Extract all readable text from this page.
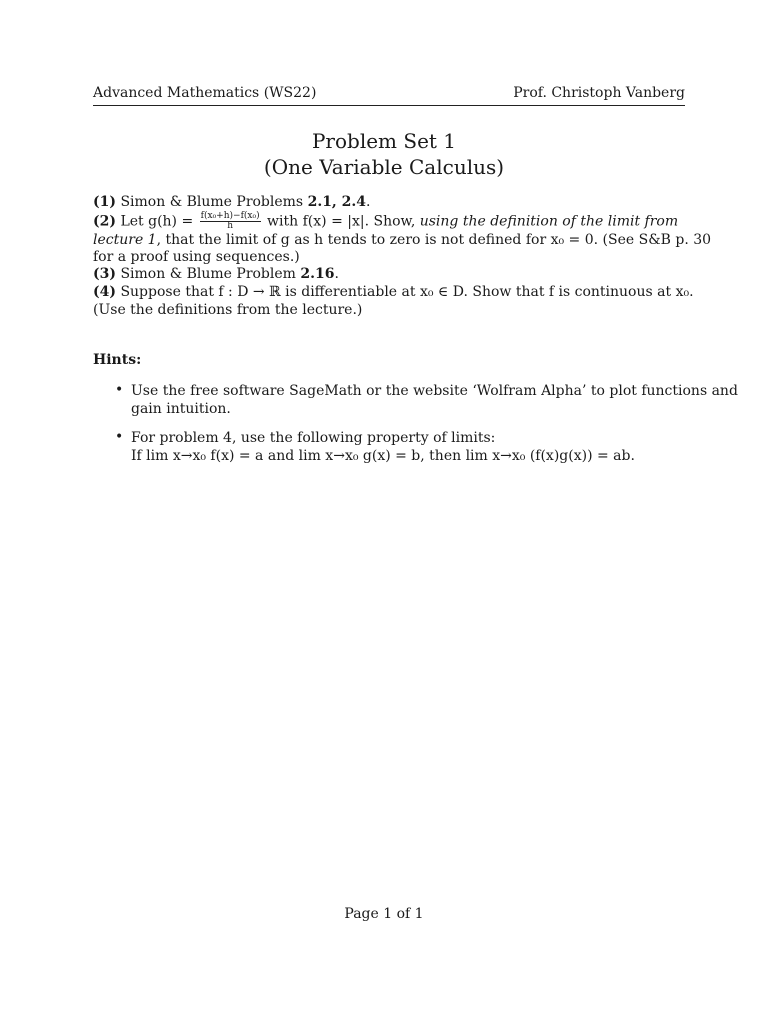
Advanced Mathematics (WS22)	Prof. Christoph Vanberg
Problem Set 1
(One Variable Calculus)
(1) Simon & Blume Problems 2.1, 2.4.
(2) Let $g(h) = \frac{\text{f(x₀+h)−f(x₀)}}{h}$ with f(x) = |x|. Show, using the definition of the limit from
lecture 1, that the limit of g as h tends to zero is not defined for x₀ = 0. (See S&B p. 30
for a proof using sequences.)
(3) Simon & Blume Problem 2.16.
(4) Suppose that f : D → ℝ is differentiable at x₀ ∈ D. Show that f is continuous at x₀.
(Use the definitions from the lecture.)
Hints:
• Use the free software SageMath or the website ‘Wolfram Alpha’ to plot functions and
gain intuition.
• For problem 4, use the following property of limits:
If lim x→x₀ f(x) = a and lim x→x₀ g(x) = b, then lim x→x₀ (f(x)g(x)) = ab.
Page 1 of 1
